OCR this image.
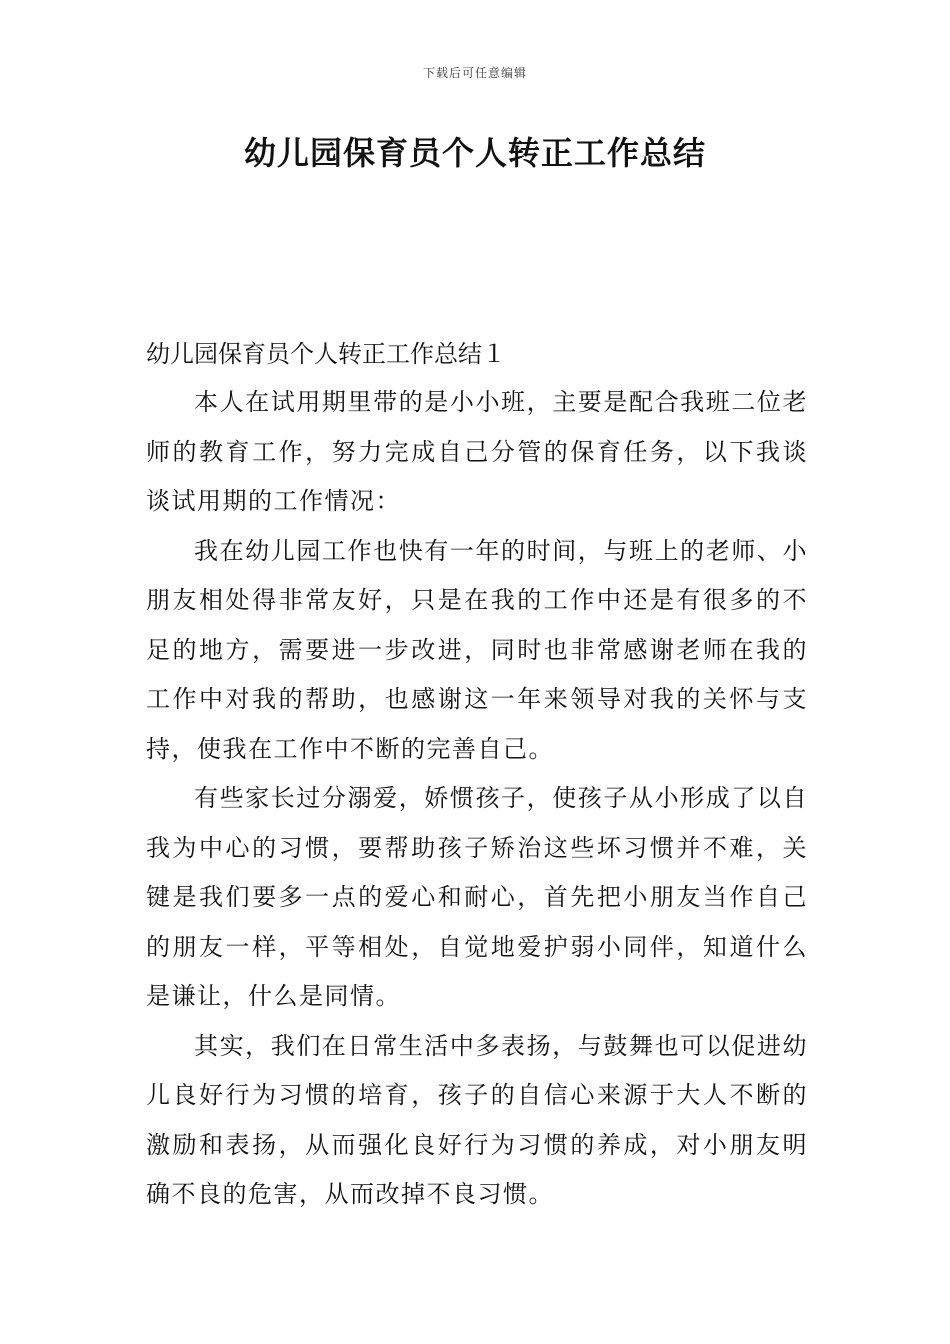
下载后可任意编辑
幼儿园保育员个人转正工作总结

幼儿园保育员个人转正工作总结１

本人在试用期里带的是小小班，主要是配合我班二位老师的教育工作，努力完成自己分管的保育任务，以下我谈谈试用期的工作情况：

我在幼儿园工作也快有一年的时间，与班上的老师、小朋友相处得非常友好，只是在我的工作中还是有很多的不足的地方，需要进一步改进，同时也非常感谢老师在我的工作中对我的帮助，也感谢这一年来领导对我的关怀与支持，使我在工作中不断的完善自己。

有些家长过分溺爱，娇惯孩子，使孩子从小形成了以自我为中心的习惯，要帮助孩子矫治这些坏习惯并不难，关键是我们要多一点的爱心和耐心，首先把小朋友当作自己的朋友一样，平等相处，自觉地爱护弱小同伴，知道什么是谦让，什么是同情。

其实，我们在日常生活中多表扬，与鼓舞也可以促进幼儿良好行为习惯的培育，孩子的自信心来源于大人不断的激励和表扬，从而强化良好行为习惯的养成，对小朋友明确不良的危害，从而改掉不良习惯。
